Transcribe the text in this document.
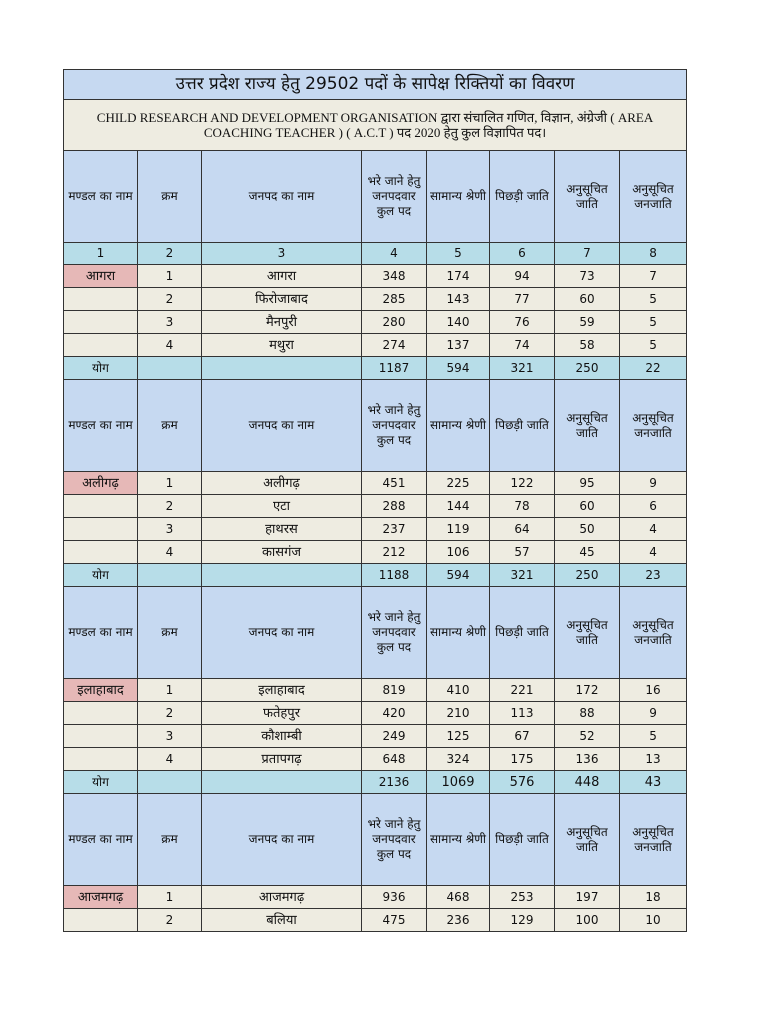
उत्तर प्रदेश राज्य हेतु 29502 पदों के सापेक्ष रिक्तियों का विवरण							
CHILD RESEARCH AND DEVELOPMENT ORGANISATION द्वारा संचालित गणित, विज्ञान, अंग्रेजी ( AREA COACHING TEACHER ) ( A.C.T ) पद 2020 हेतु कुल विज्ञापित पद।							
मण्डल का नाम	क्रम	जनपद का नाम	भरे जाने हेतु जनपदवार कुल पद	सामान्य श्रेणी	पिछड़ी जाति	अनुसूचित जाति	अनुसूचित जनजाति
1	2	3	4	5	6	7	8
आगरा	1	आगरा	348	174	94	73	7
	2	फिरोजाबाद	285	143	77	60	5
	3	मैनपुरी	280	140	76	59	5
	4	मथुरा	274	137	74	58	5
योग			1187	594	321	250	22
मण्डल का नाम	क्रम	जनपद का नाम	भरे जाने हेतु जनपदवार कुल पद	सामान्य श्रेणी	पिछड़ी जाति	अनुसूचित जाति	अनुसूचित जनजाति
अलीगढ़	1	अलीगढ़	451	225	122	95	9
	2	एटा	288	144	78	60	6
	3	हाथरस	237	119	64	50	4
	4	कासगंज	212	106	57	45	4
योग			1188	594	321	250	23
मण्डल का नाम	क्रम	जनपद का नाम	भरे जाने हेतु जनपदवार कुल पद	सामान्य श्रेणी	पिछड़ी जाति	अनुसूचित जाति	अनुसूचित जनजाति
इलाहाबाद	1	इलाहाबाद	819	410	221	172	16
	2	फतेहपुर	420	210	113	88	9
	3	कौशाम्बी	249	125	67	52	5
	4	प्रतापगढ़	648	324	175	136	13
योग			2136	1069	576	448	43
मण्डल का नाम	क्रम	जनपद का नाम	भरे जाने हेतु जनपदवार कुल पद	सामान्य श्रेणी	पिछड़ी जाति	अनुसूचित जाति	अनुसूचित जनजाति
आजमगढ़	1	आजमगढ़	936	468	253	197	18
	2	बलिया	475	236	129	100	10
